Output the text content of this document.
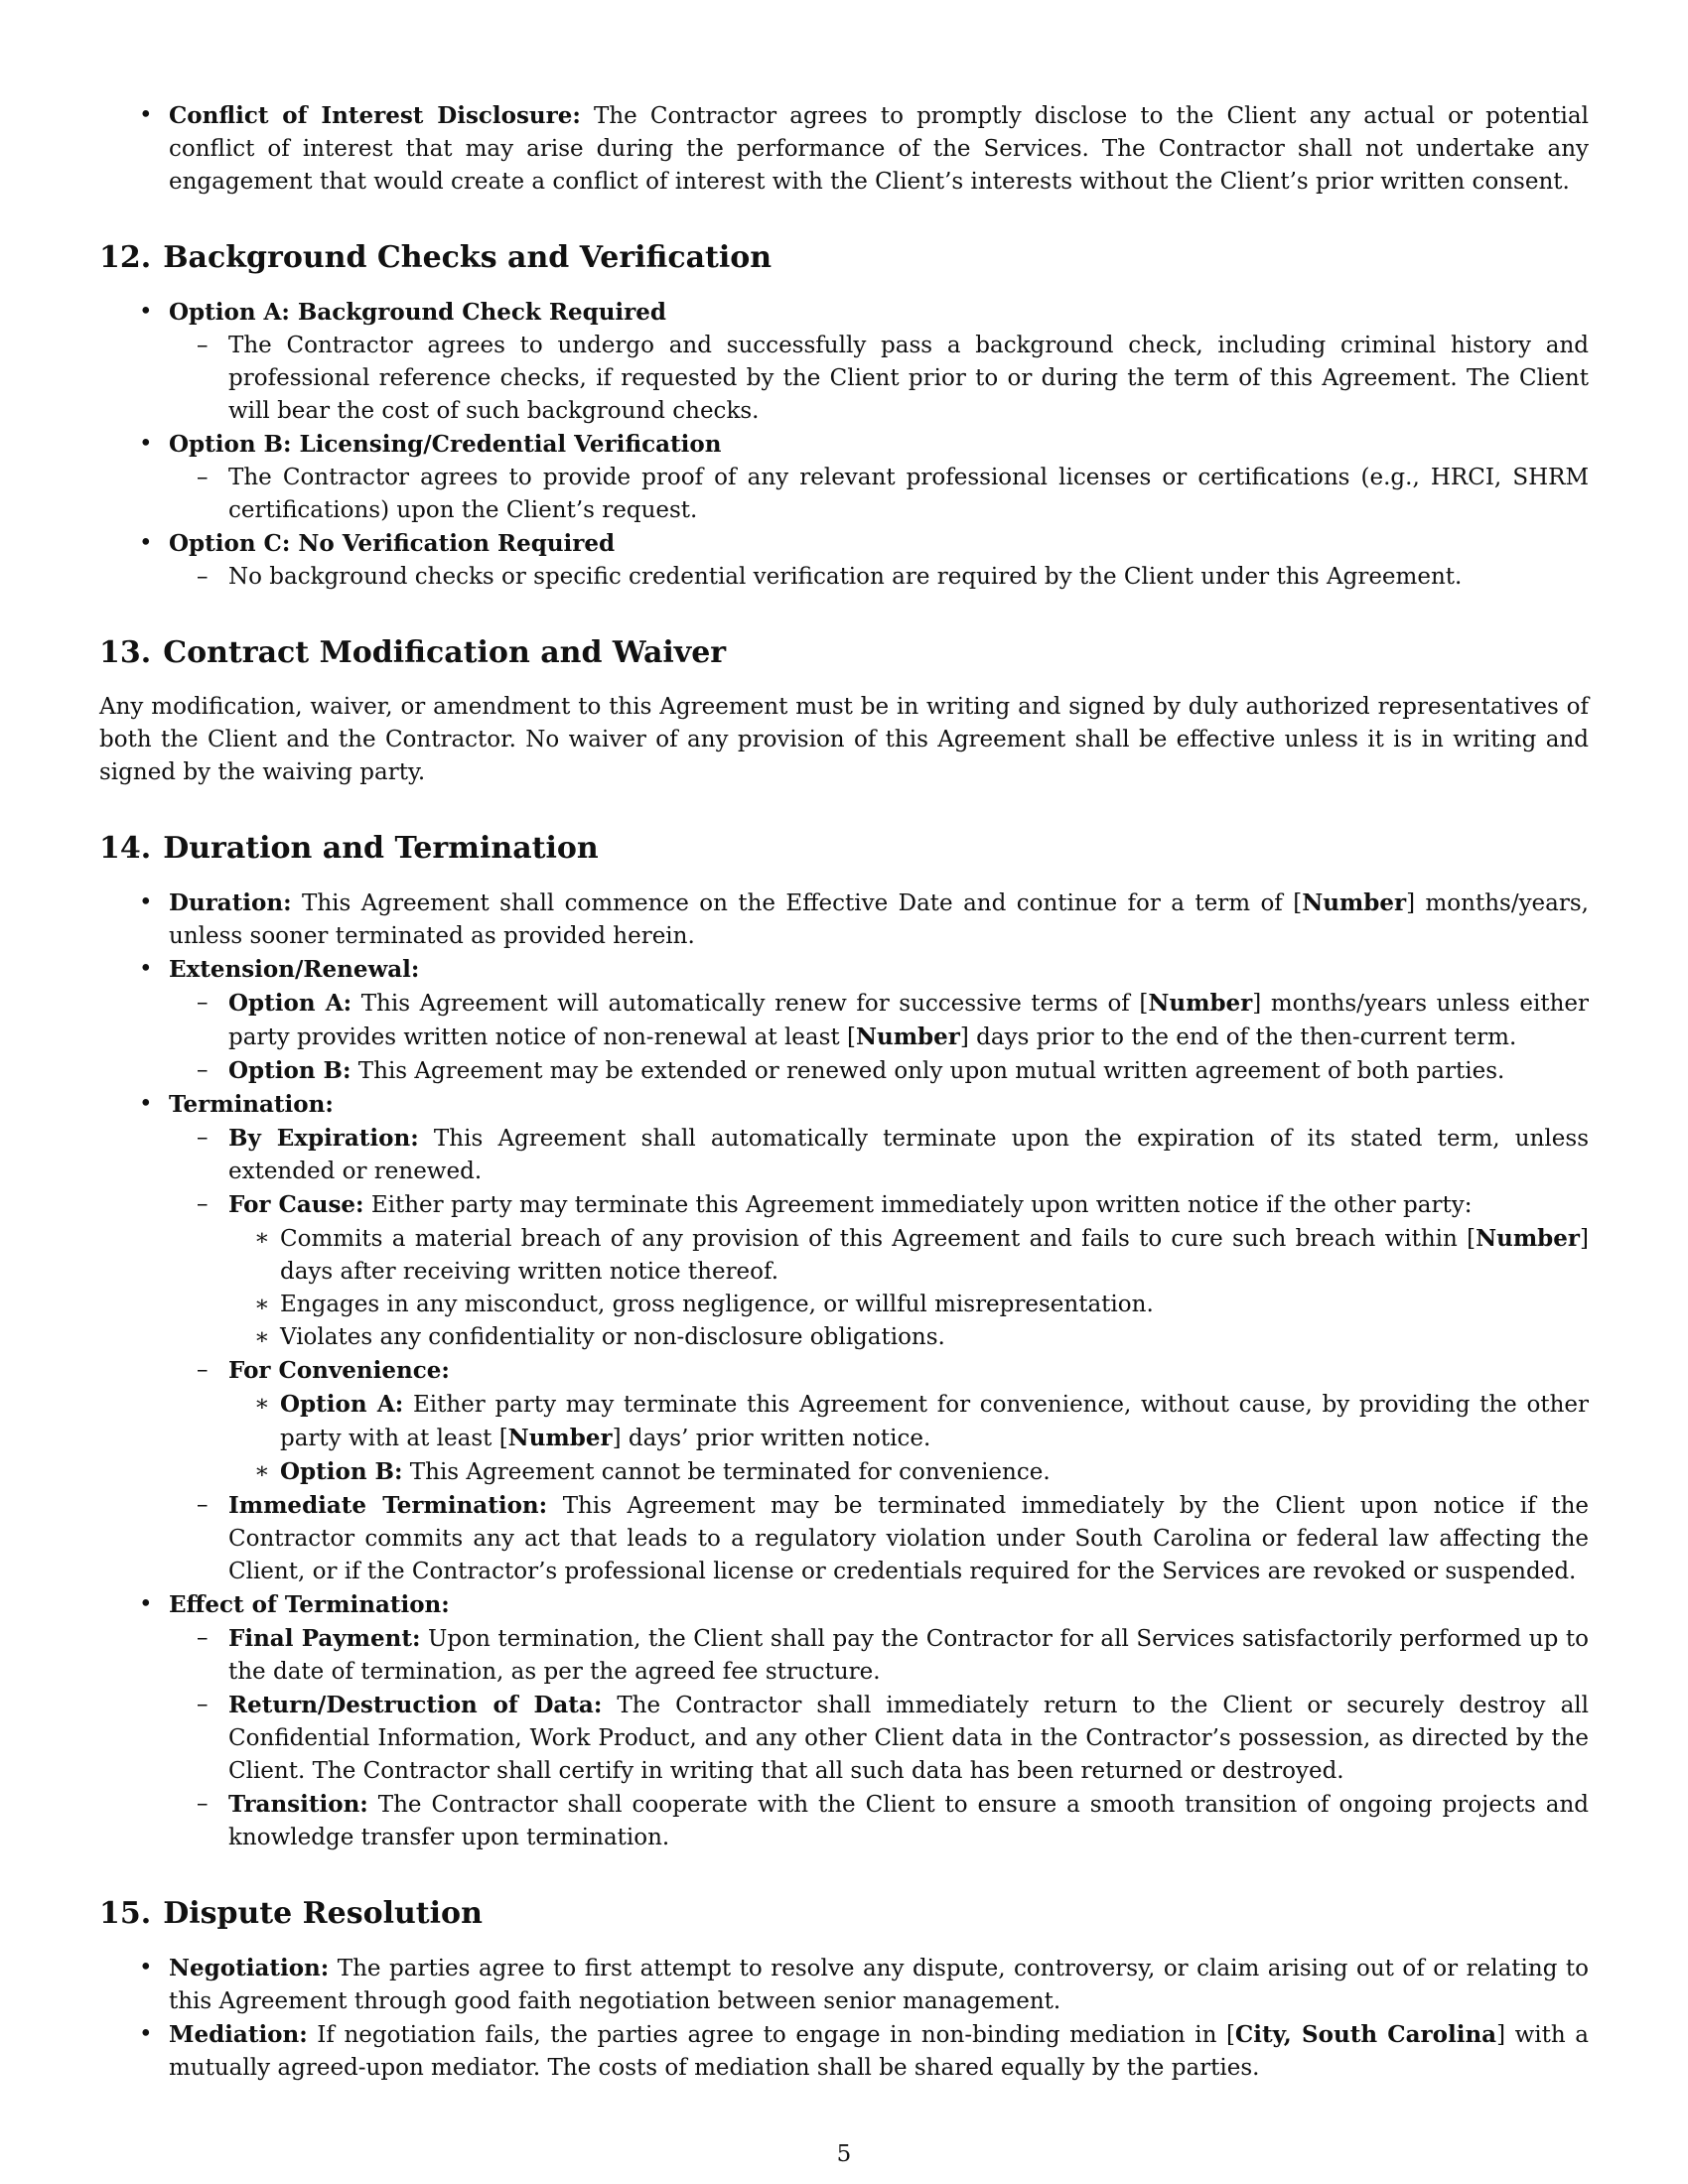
• Conflict of Interest Disclosure: The Contractor agrees to promptly disclose to the Client any actual or potential conflict of interest that may arise during the performance of the Services. The Contractor shall not undertake any engagement that would create a conflict of interest with the Client’s interests without the Client’s prior written consent.
12. Background Checks and Verification
• Option A: Background Check Required
– The Contractor agrees to undergo and successfully pass a background check, including criminal history and professional reference checks, if requested by the Client prior to or during the term of this Agreement. The Client will bear the cost of such background checks.
• Option B: Licensing/Credential Verification
– The Contractor agrees to provide proof of any relevant professional licenses or certifications (e.g., HRCI, SHRM certifications) upon the Client’s request.
• Option C: No Verification Required
– No background checks or specific credential verification are required by the Client under this Agreement.
13. Contract Modification and Waiver

Any modification, waiver, or amendment to this Agreement must be in writing and signed by duly authorized representatives of both the Client and the Contractor. No waiver of any provision of this Agreement shall be effective unless it is in writing and signed by the waiving party.

14. Duration and Termination
• Duration: This Agreement shall commence on the Effective Date and continue for a term of [Number] months/years, unless sooner terminated as provided herein.
• Extension/Renewal:
– Option A: This Agreement will automatically renew for successive terms of [Number] months/years unless either party provides written notice of non-renewal at least [Number] days prior to the end of the then-current term.
– Option B: This Agreement may be extended or renewed only upon mutual written agreement of both parties.
• Termination:
– By Expiration: This Agreement shall automatically terminate upon the expiration of its stated term, unless extended or renewed.
– For Cause: Either party may terminate this Agreement immediately upon written notice if the other party:
∗ Commits a material breach of any provision of this Agreement and fails to cure such breach within [Number] days after receiving written notice thereof.
∗ Engages in any misconduct, gross negligence, or willful misrepresentation.
∗ Violates any confidentiality or non-disclosure obligations.
– For Convenience:
∗ Option A: Either party may terminate this Agreement for convenience, without cause, by providing the other party with at least [Number] days’ prior written notice.
∗ Option B: This Agreement cannot be terminated for convenience.
– Immediate Termination: This Agreement may be terminated immediately by the Client upon notice if the Contractor commits any act that leads to a regulatory violation under South Carolina or federal law affecting the Client, or if the Contractor’s professional license or credentials required for the Services are revoked or suspended.
• Effect of Termination:
– Final Payment: Upon termination, the Client shall pay the Contractor for all Services satisfactorily performed up to the date of termination, as per the agreed fee structure.
– Return/Destruction of Data: The Contractor shall immediately return to the Client or securely destroy all Confidential Information, Work Product, and any other Client data in the Contractor’s possession, as directed by the Client. The Contractor shall certify in writing that all such data has been returned or destroyed.
– Transition: The Contractor shall cooperate with the Client to ensure a smooth transition of ongoing projects and knowledge transfer upon termination.
15. Dispute Resolution
• Negotiation: The parties agree to first attempt to resolve any dispute, controversy, or claim arising out of or relating to this Agreement through good faith negotiation between senior management.
• Mediation: If negotiation fails, the parties agree to engage in non-binding mediation in [City, South Carolina] with a mutually agreed-upon mediator. The costs of mediation shall be shared equally by the parties.
5
